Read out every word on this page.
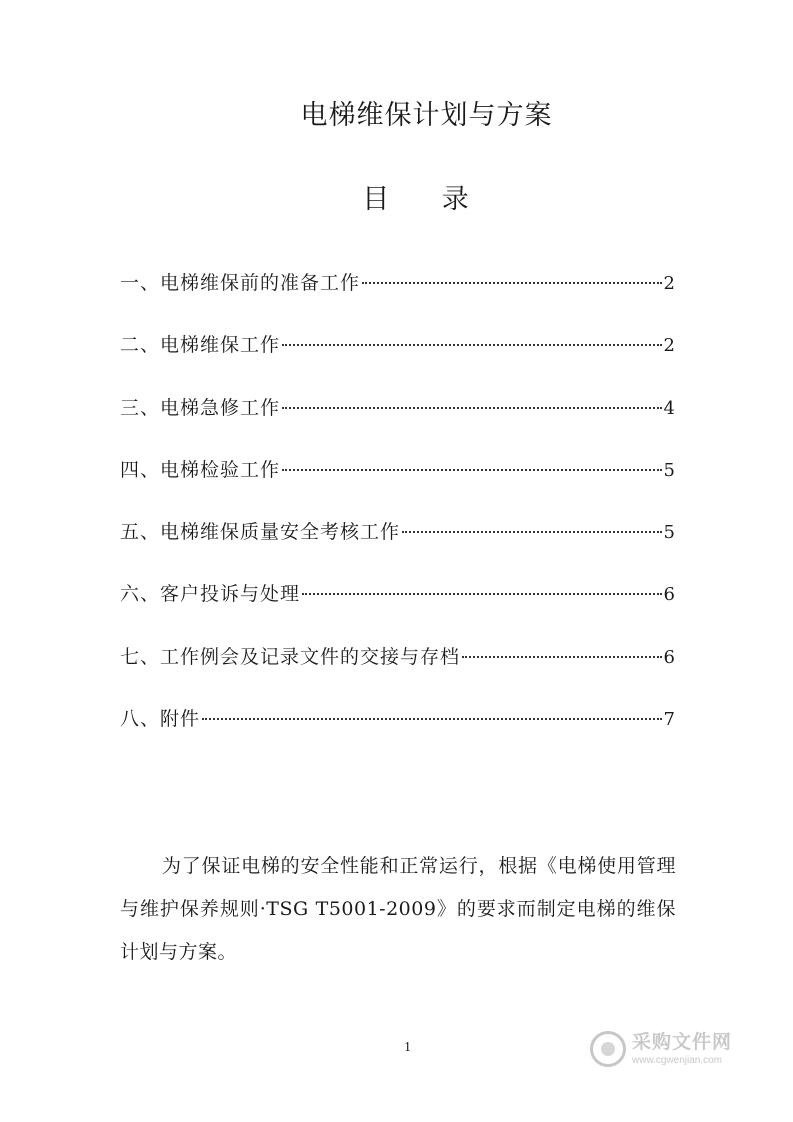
电梯维保计划与方案
目 录
一、电梯维保前的准备工作	2
二、电梯维保工作	2
三、电梯急修工作	4
四、电梯检验工作	5
五、电梯维保质量安全考核工作	5
六、客户投诉与处理	6
七、工作例会及记录文件的交接与存档	6
八、附件	7

为了保证电梯的安全性能和正常运行，根据《电梯使用管理与维护保养规则·TSG T5001-2009》的要求而制定电梯的维保计划与方案。

1	采购文件网
www.cgwenjian.com
